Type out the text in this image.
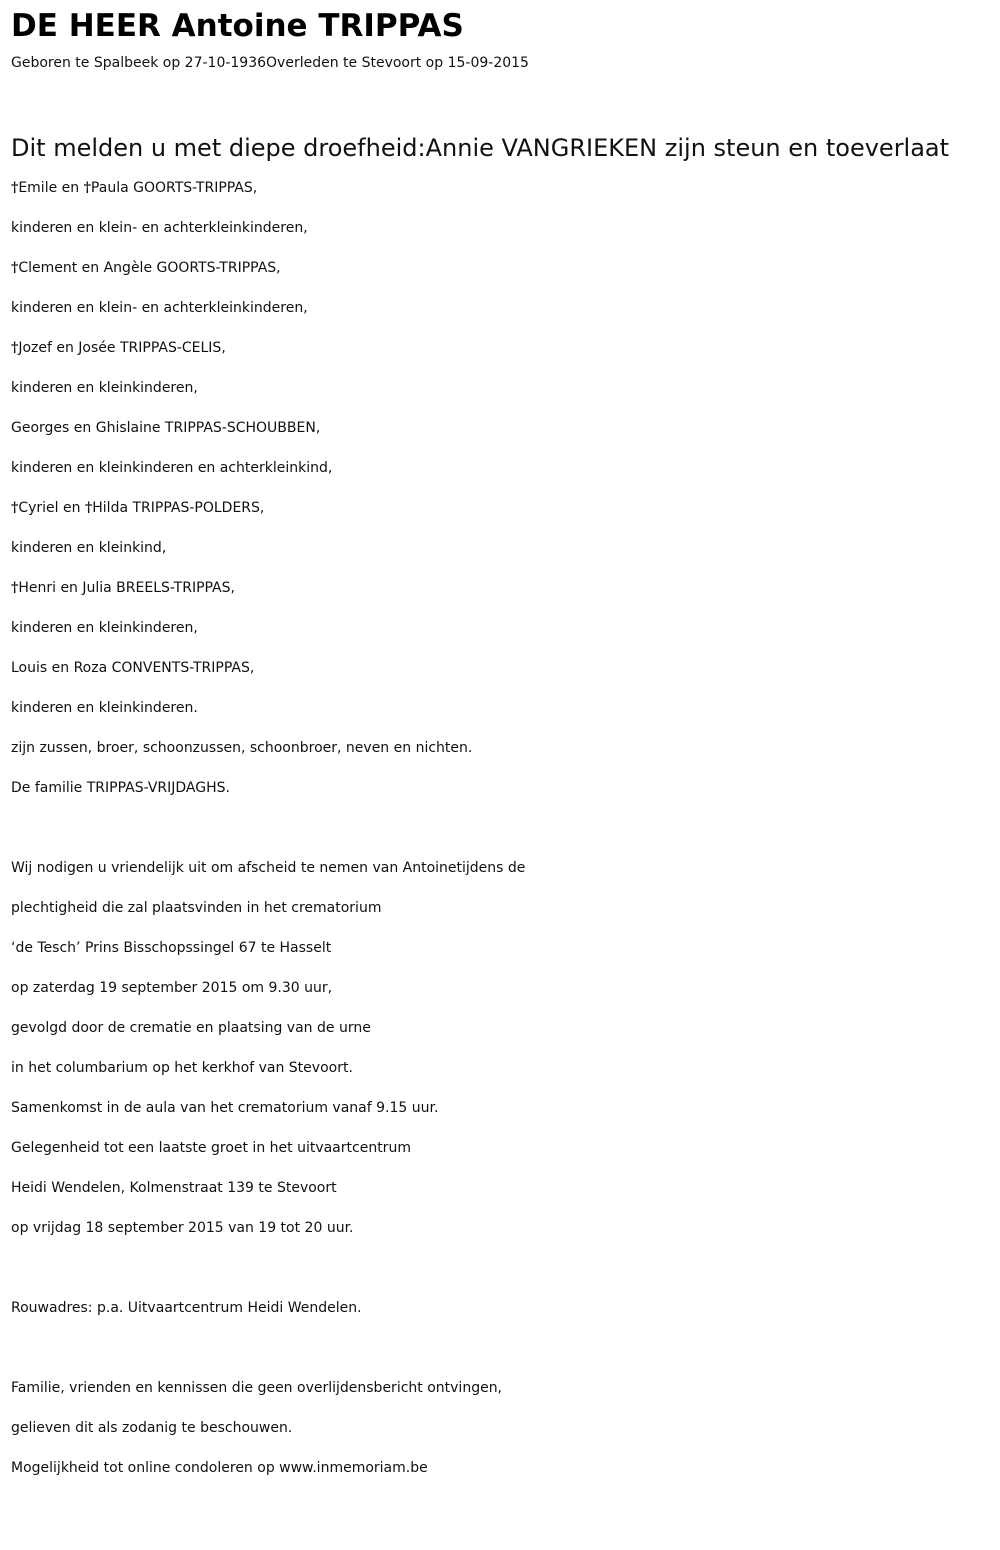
DE HEER Antoine TRIPPAS

Geboren te Spalbeek op 27-10-1936Overleden te Stevoort op 15-09-2015

Dit melden u met diepe droefheid:Annie VANGRIEKEN zijn steun en toeverlaat
†Emile en †Paula GOORTS-TRIPPAS,
kinderen en klein- en achterkleinkinderen,
†Clement en Angèle GOORTS-TRIPPAS,
kinderen en klein- en achterkleinkinderen,
†Jozef en Josée TRIPPAS-CELIS,
kinderen en kleinkinderen,
Georges en Ghislaine TRIPPAS-SCHOUBBEN,
kinderen en kleinkinderen en achterkleinkind,
†Cyriel en †Hilda TRIPPAS-POLDERS,
kinderen en kleinkind,
†Henri en Julia BREELS-TRIPPAS,
kinderen en kleinkinderen,
Louis en Roza CONVENTS-TRIPPAS,
kinderen en kleinkinderen.
zijn zussen, broer, schoonzussen, schoonbroer, neven en nichten.
De familie TRIPPAS-VRIJDAGHS.
Wij nodigen u vriendelijk uit om afscheid te nemen van Antoinetijdens de
plechtigheid die zal plaatsvinden in het crematorium
‘de Tesch’ Prins Bisschopssingel 67 te Hasselt
op zaterdag 19 september 2015 om 9.30 uur,
gevolgd door de crematie en plaatsing van de urne
in het columbarium op het kerkhof van Stevoort.
Samenkomst in de aula van het crematorium vanaf 9.15 uur.
Gelegenheid tot een laatste groet in het uitvaartcentrum
Heidi Wendelen, Kolmenstraat 139 te Stevoort
op vrijdag 18 september 2015 van 19 tot 20 uur.
Rouwadres: p.a. Uitvaartcentrum Heidi Wendelen.
Familie, vrienden en kennissen die geen overlijdensbericht ontvingen,
gelieven dit als zodanig te beschouwen.
Mogelijkheid tot online condoleren op www.inmemoriam.be
